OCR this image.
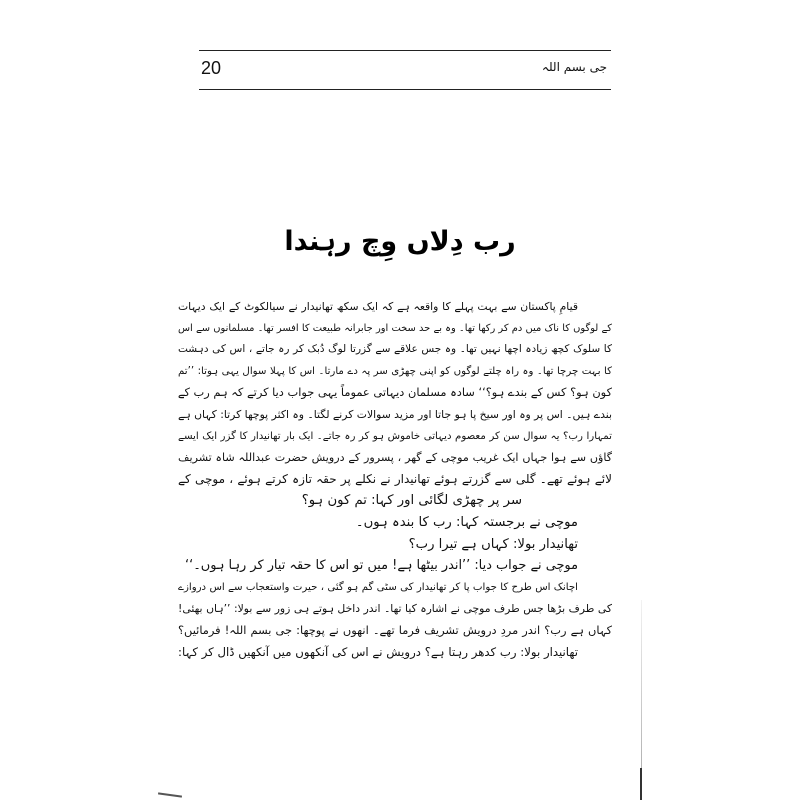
20	جی بسم اللہ
رب دِلاں وِچ رہندا
قیامِ پاکستان سے بہت پہلے کا واقعہ ہے کہ ایک سکھ تھانیدار نے سیالکوٹ کے ایک دیہات
کے لوگوں کا ناک میں دم کر رکھا تھا۔ وہ بے حد سخت اور جابرانہ طبیعت کا افسر تھا۔ مسلمانوں سے اس
کا سلوک کچھ زیادہ اچھا نہیں تھا۔ وہ جس علاقے سے گزرتا لوگ دُبک کر رہ جاتے ، اس کی دہشت
کا بہت چرچا تھا۔ وہ راہ چلتے لوگوں کو اپنی چھڑی سر پہ دے مارتا۔ اس کا پہلا سوال یہی ہوتا: ’’تم
کون ہو؟ کس کے بندے ہو؟‘‘ سادہ مسلمان دیہاتی عموماً یہی جواب دیا کرتے کہ ہم رب کے
بندے ہیں۔ اس پر وہ اور سیخ پا ہو جاتا اور مزید سوالات کرنے لگتا۔ وہ اکثر پوچھا کرتا: کہاں ہے
تمہارا رب؟ یہ سوال سن کر معصوم دیہاتی خاموش ہو کر رہ جاتے۔ ایک بار تھانیدار کا گزر ایک ایسے
گاؤں سے ہوا جہاں ایک غریب موچی کے گھر ، پسرور کے درویش حضرت عبداللہ شاہ تشریف
لائے ہوئے تھے۔ گلی سے گزرتے ہوئے تھانیدار نے نکلے پر حقہ تازہ کرتے ہوئے ، موچی کے
سر پر چھڑی لگائی اور کہا: تم کون ہو؟
موچی نے برجستہ کہا: رب کا بندہ ہوں۔
تھانیدار بولا: کہاں ہے تیرا رب؟
موچی نے جواب دیا: ’’اندر بیٹھا ہے! میں تو اس کا حقہ تیار کر رہا ہوں۔‘‘
اچانک اس طرح کا جواب پا کر تھانیدار کی سٹی گم ہو گئی ، حیرت واستعجاب سے اس دروازے
کی طرف بڑھا جس طرف موچی نے اشارہ کیا تھا۔ اندر داخل ہوتے ہی زور سے بولا: ’’ہاں بھئی!
کہاں ہے رب؟ اندر مردِ درویش تشریف فرما تھے۔ انھوں نے پوچھا: جی بسم اللہ! فرمائیں؟
تھانیدار بولا: رب کدھر رہتا ہے؟ درویش نے اس کی آنکھوں میں آنکھیں ڈال کر کہا:
